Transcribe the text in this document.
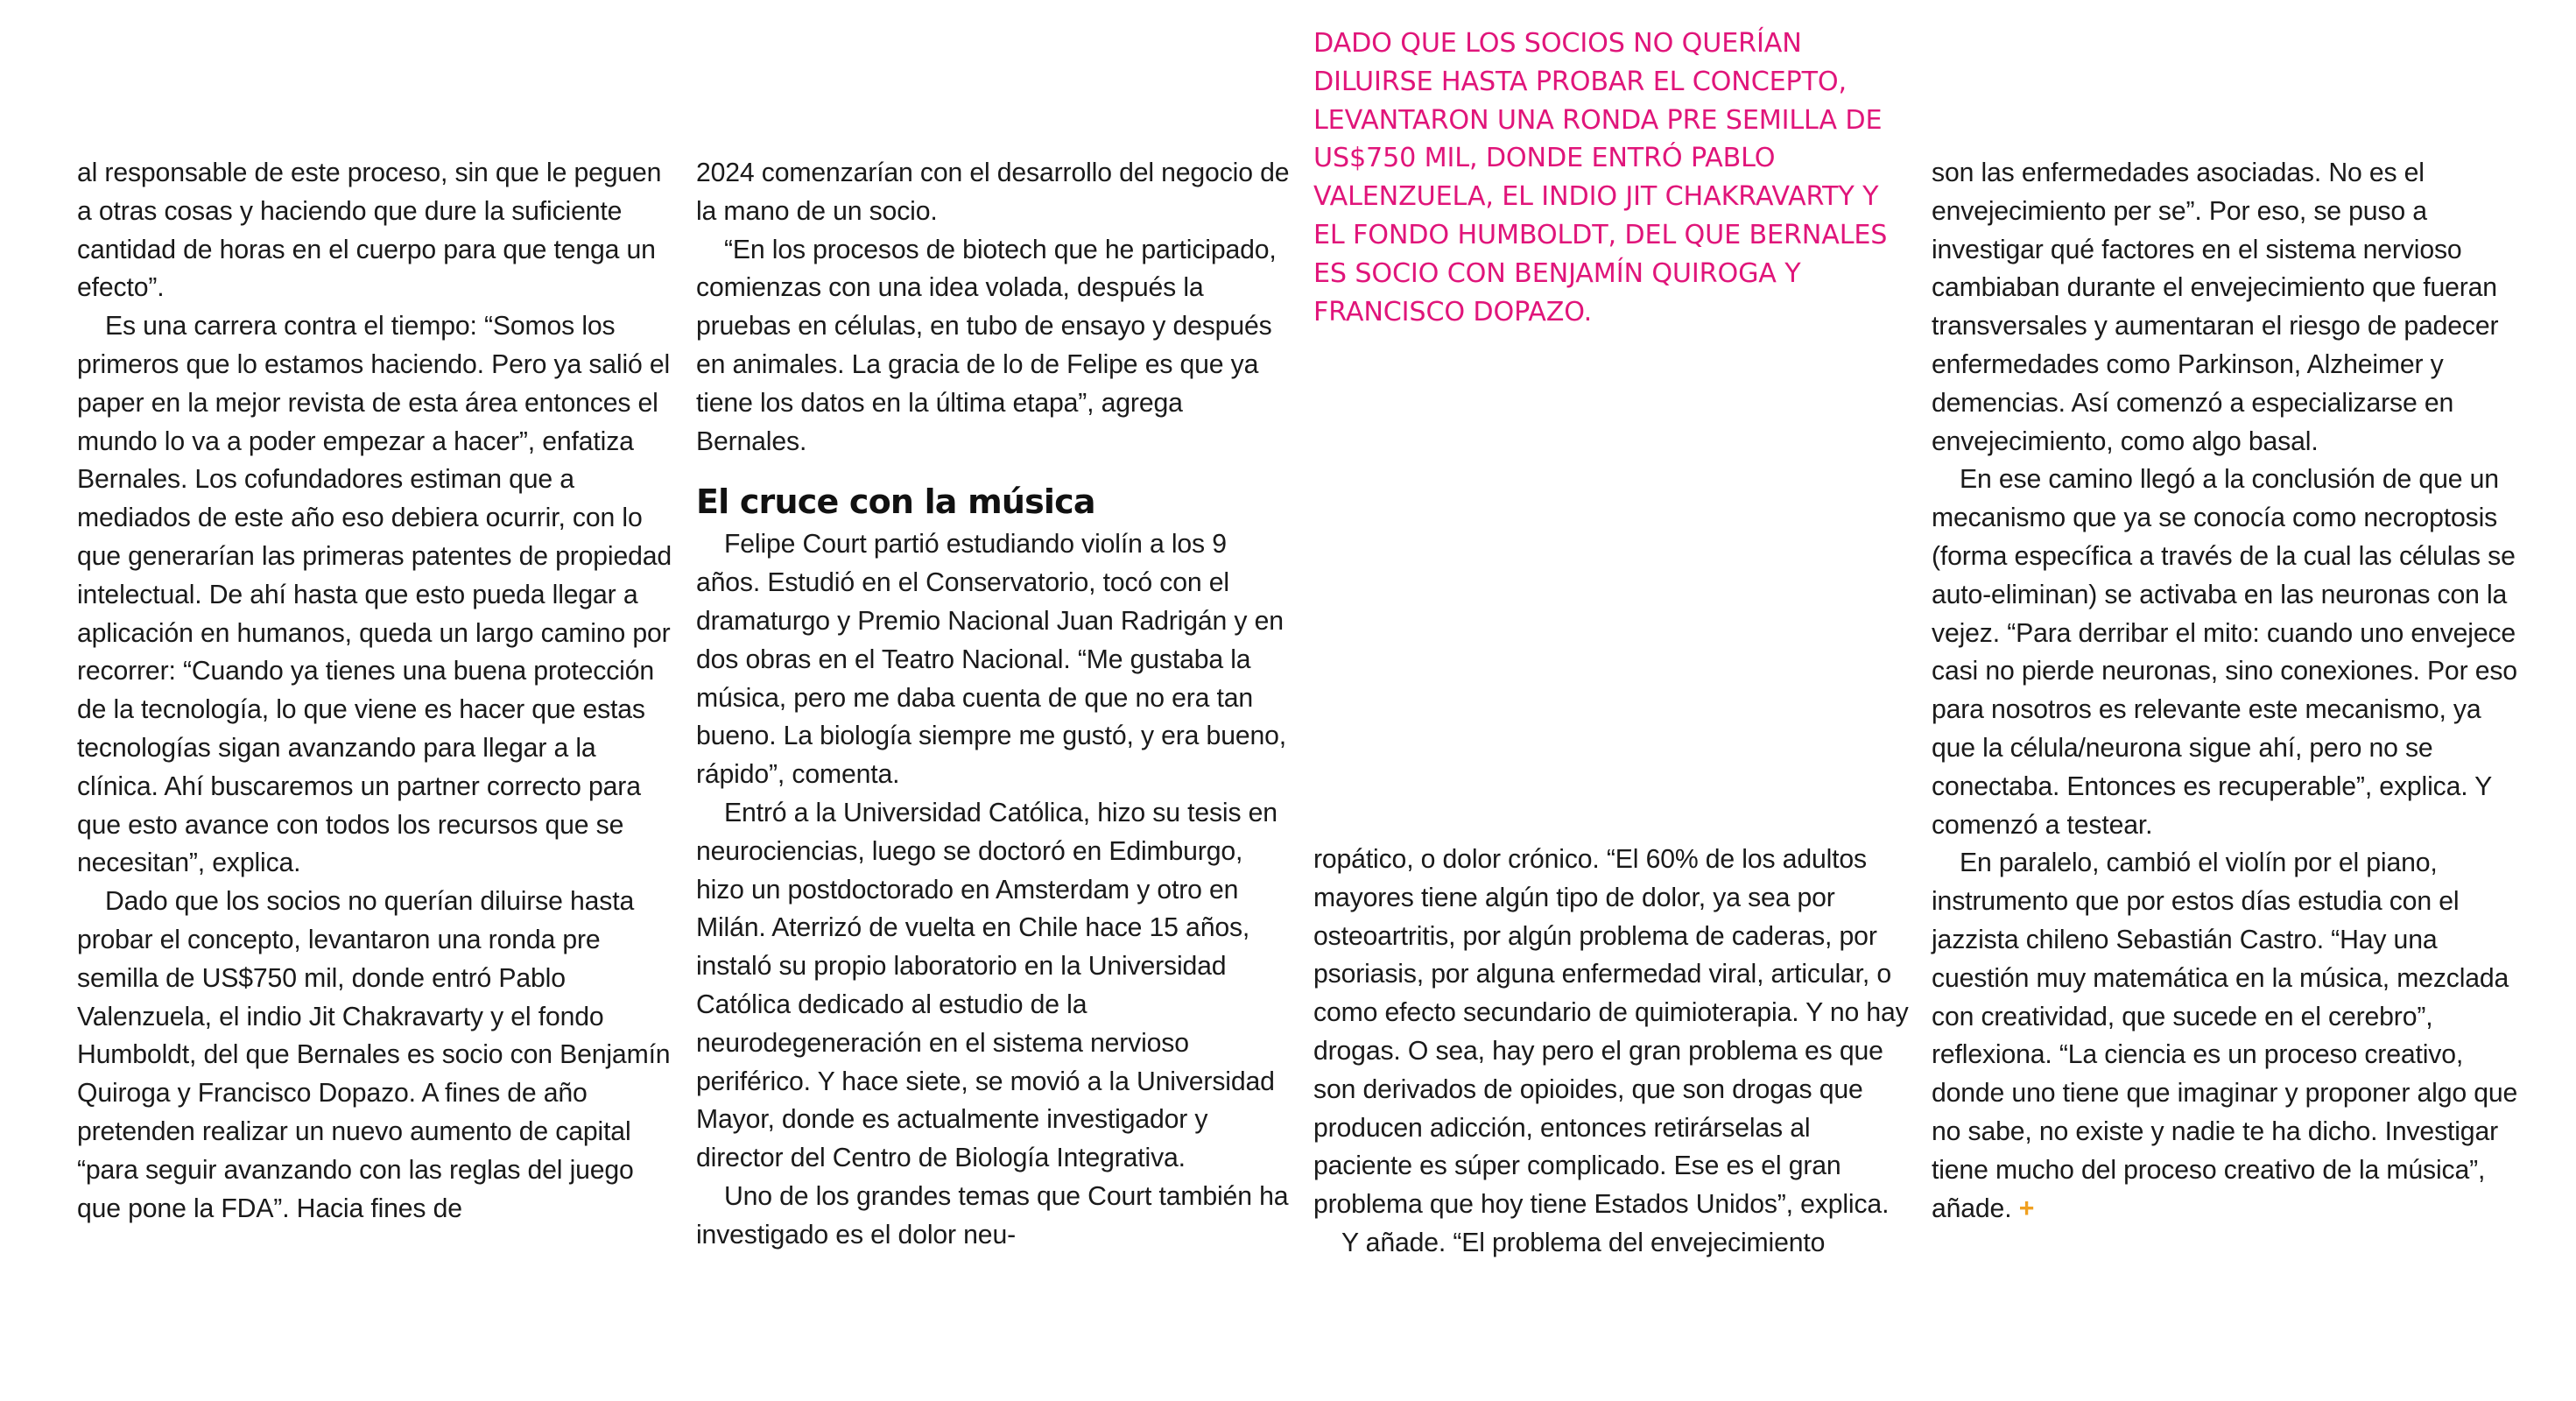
al responsable de este proceso, sin que le peguen a otras cosas y haciendo que dure la suficiente cantidad de horas en el cuerpo para que tenga un efecto”.

Es una carrera contra el tiempo: “Somos los primeros que lo estamos haciendo. Pero ya salió el paper en la mejor revista de esta área entonces el mundo lo va a poder empezar a hacer”, enfatiza Bernales. Los cofundadores estiman que a mediados de este año eso debiera ocurrir, con lo que generarían las primeras patentes de propiedad intelectual. De ahí hasta que esto pueda llegar a aplicación en humanos, queda un largo camino por recorrer: “Cuando ya tienes una buena protección de la tecnología, lo que viene es hacer que estas tecnologías sigan avanzando para llegar a la clínica. Ahí buscaremos un partner correcto para que esto avance con todos los recursos que se necesitan”, explica.

Dado que los socios no querían diluirse hasta probar el concepto, levantaron una ronda pre semilla de US$750 mil, donde entró Pablo Valenzuela, el indio Jit Chakravarty y el fondo Humboldt, del que Bernales es socio con Benjamín Quiroga y Francisco Dopazo. A fines de año pretenden realizar un nuevo aumento de capital “para seguir avanzando con las reglas del juego que pone la FDA”. Hacia fines de

2024 comenzarían con el desarrollo del negocio de la mano de un socio.

“En los procesos de biotech que he participado, comienzas con una idea volada, después la pruebas en células, en tubo de ensayo y después en animales. La gracia de lo de Felipe es que ya tiene los datos en la última etapa”, agrega Bernales.

El cruce con la música

Felipe Court partió estudiando violín a los 9 años. Estudió en el Conservatorio, tocó con el dramaturgo y Premio Nacional Juan Radrigán y en dos obras en el Teatro Nacional. “Me gustaba la música, pero me daba cuenta de que no era tan bueno. La biología siempre me gustó, y era bueno, rápido”, comenta.

Entró a la Universidad Católica, hizo su tesis en neurociencias, luego se doctoró en Edimburgo, hizo un postdoctorado en Amsterdam y otro en Milán. Aterrizó de vuelta en Chile hace 15 años, instaló su propio laboratorio en la Universidad Católica dedicado al estudio de la neurodegeneración en el sistema nervioso periférico. Y hace siete, se movió a la Universidad Mayor, donde es actualmente investigador y director del Centro de Biología Integrativa.

Uno de los grandes temas que Court también ha investigado es el dolor neu-

DADO QUE LOS SOCIOS NO QUERÍAN DILUIRSE HASTA PROBAR EL CONCEPTO, LEVANTARON UNA RONDA PRE SEMILLA DE US$750 MIL, DONDE ENTRÓ PABLO VALENZUELA, EL INDIO JIT CHAKRAVARTY Y EL FONDO HUMBOLDT, DEL QUE BERNALES ES SOCIO CON BENJAMÍN QUIROGA Y FRANCISCO DOPAZO.

ropático, o dolor crónico. “El 60% de los adultos mayores tiene algún tipo de dolor, ya sea por osteoartritis, por algún problema de caderas, por psoriasis, por alguna enfermedad viral, articular, o como efecto secundario de quimioterapia. Y no hay drogas. O sea, hay pero el gran problema es que son derivados de opioides, que son drogas que producen adicción, entonces retirárselas al paciente es súper complicado. Ese es el gran problema que hoy tiene Estados Unidos”, explica.

Y añade. “El problema del envejecimiento

son las enfermedades asociadas. No es el envejecimiento per se”. Por eso, se puso a investigar qué factores en el sistema nervioso cambiaban durante el envejecimiento que fueran transversales y aumentaran el riesgo de padecer enfermedades como Parkinson, Alzheimer y demencias. Así comenzó a especializarse en envejecimiento, como algo basal.

En ese camino llegó a la conclusión de que un mecanismo que ya se conocía como necroptosis (forma específica a través de la cual las células se auto-eliminan) se activaba en las neuronas con la vejez. “Para derribar el mito: cuando uno envejece casi no pierde neuronas, sino conexiones. Por eso para nosotros es relevante este mecanismo, ya que la célula/neurona sigue ahí, pero no se conectaba. Entonces es recuperable”, explica. Y comenzó a testear.

En paralelo, cambió el violín por el piano, instrumento que por estos días estudia con el jazzista chileno Sebastián Castro. “Hay una cuestión muy matemática en la música, mezclada con creatividad, que sucede en el cerebro”, reflexiona. “La ciencia es un proceso creativo, donde uno tiene que imaginar y proponer algo que no sabe, no existe y nadie te ha dicho. Investigar tiene mucho del proceso creativo de la música”, añade. +
